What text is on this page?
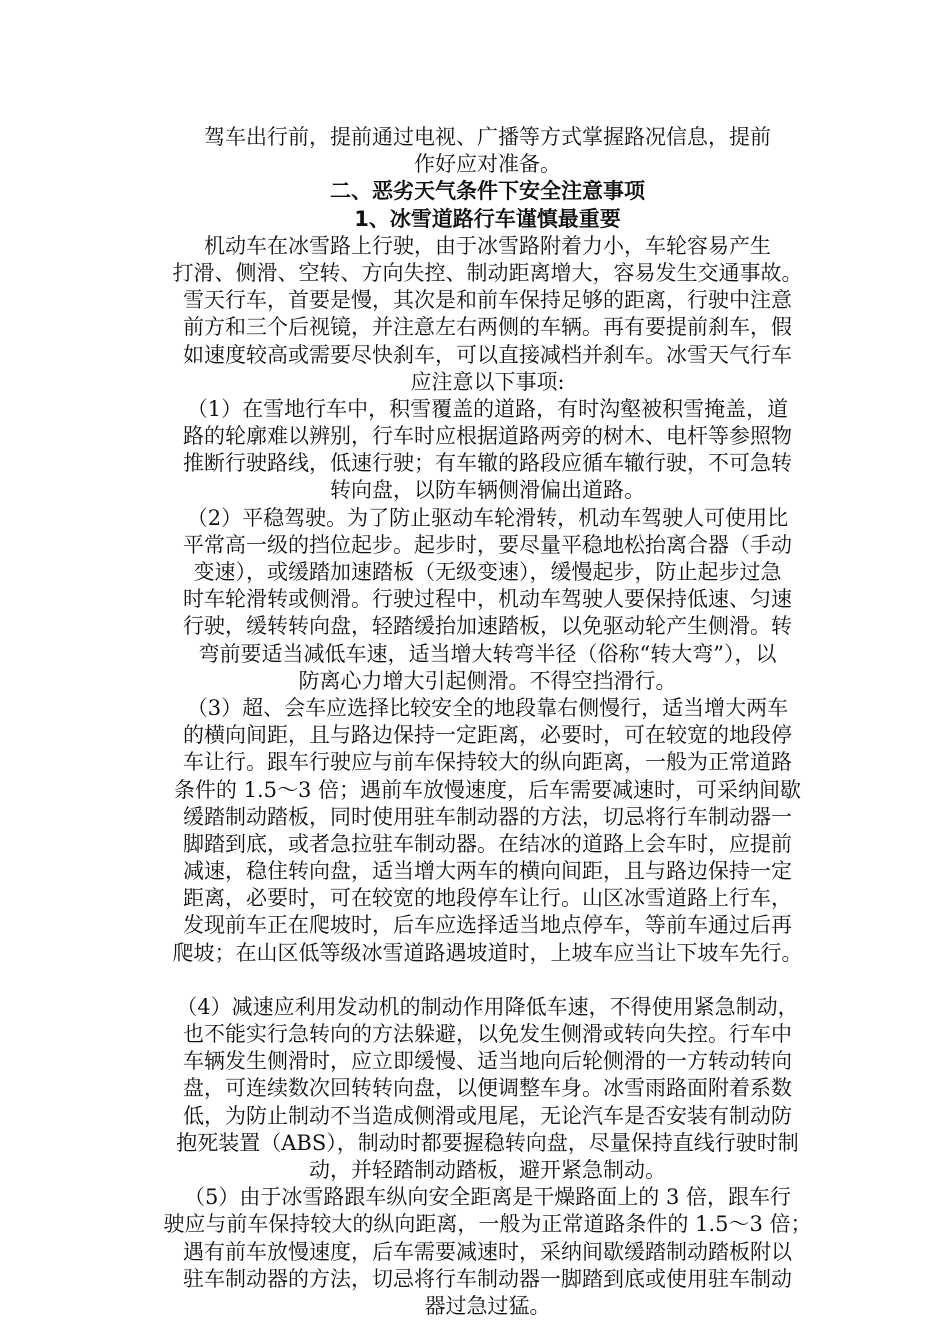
驾车出行前，提前通过电视、广播等方式掌握路况信息，提前
作好应对准备。
二、恶劣天气条件下安全注意事项
1、冰雪道路行车谨慎最重要
机动车在冰雪路上行驶，由于冰雪路附着力小，车轮容易产生
打滑、侧滑、空转、方向失控、制动距离增大，容易发生交通事故。
雪天行车，首要是慢，其次是和前车保持足够的距离，行驶中注意
前方和三个后视镜，并注意左右两侧的车辆。再有要提前刹车，假
如速度较高或需要尽快刹车，可以直接减档并刹车。冰雪天气行车
应注意以下事项:
（1）在雪地行车中，积雪覆盖的道路，有时沟壑被积雪掩盖，道
路的轮廓难以辨别，行车时应根据道路两旁的树木、电杆等参照物
推断行驶路线，低速行驶；有车辙的路段应循车辙行驶，不可急转
转向盘，以防车辆侧滑偏出道路。
（2）平稳驾驶。为了防止驱动车轮滑转，机动车驾驶人可使用比
平常高一级的挡位起步。起步时，要尽量平稳地松抬离合器（手动
变速），或缓踏加速踏板（无级变速），缓慢起步，防止起步过急
时车轮滑转或侧滑。行驶过程中，机动车驾驶人要保持低速、匀速
行驶，缓转转向盘，轻踏缓抬加速踏板，以免驱动轮产生侧滑。转
弯前要适当减低车速，适当增大转弯半径（俗称“转大弯”），以
防离心力增大引起侧滑。不得空挡滑行。
（3）超、会车应选择比较安全的地段靠右侧慢行，适当增大两车
的横向间距，且与路边保持一定距离，必要时，可在较宽的地段停
车让行。跟车行驶应与前车保持较大的纵向距离，一般为正常道路
条件的 1.5～3 倍；遇前车放慢速度，后车需要减速时，可采纳间歇
缓踏制动踏板，同时使用驻车制动器的方法，切忌将行车制动器一
脚踏到底，或者急拉驻车制动器。在结冰的道路上会车时，应提前
减速，稳住转向盘，适当增大两车的横向间距，且与路边保持一定
距离，必要时，可在较宽的地段停车让行。山区冰雪道路上行车，
发现前车正在爬坡时，后车应选择适当地点停车，等前车通过后再
爬坡；在山区低等级冰雪道路遇坡道时，上坡车应当让下坡车先行。
（4）减速应利用发动机的制动作用降低车速，不得使用紧急制动，
也不能实行急转向的方法躲避，以免发生侧滑或转向失控。行车中
车辆发生侧滑时，应立即缓慢、适当地向后轮侧滑的一方转动转向
盘，可连续数次回转转向盘，以便调整车身。冰雪雨路面附着系数
低，为防止制动不当造成侧滑或甩尾，无论汽车是否安装有制动防
抱死装置（ABS），制动时都要握稳转向盘，尽量保持直线行驶时制
动，并轻踏制动踏板，避开紧急制动。
（5）由于冰雪路跟车纵向安全距离是干燥路面上的 3 倍，跟车行
驶应与前车保持较大的纵向距离，一般为正常道路条件的 1.5～3 倍；
遇有前车放慢速度，后车需要减速时，采纳间歇缓踏制动踏板附以
驻车制动器的方法，切忌将行车制动器一脚踏到底或使用驻车制动
器过急过猛。
